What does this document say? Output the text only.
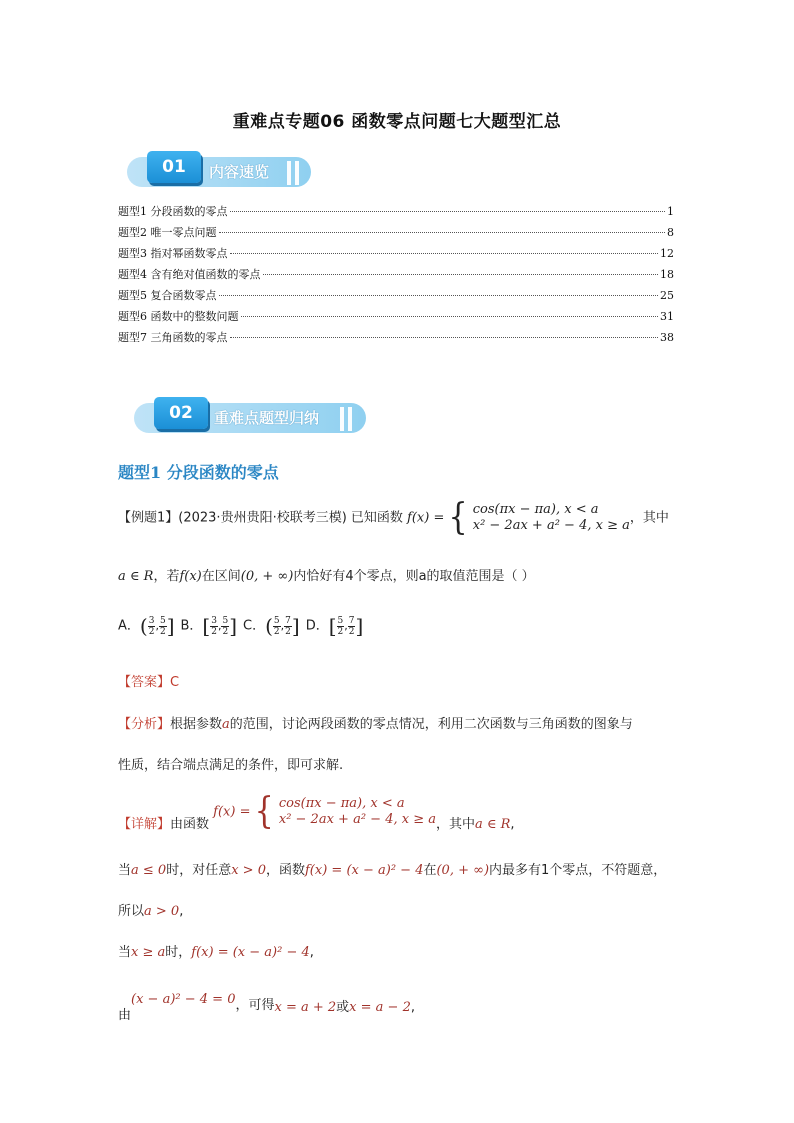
重难点专题06 函数零点问题七大题型汇总
01	内容速览
题型1 分段函数的零点	1
题型2 唯一零点问题	8
题型3 指对幂函数零点	12
题型4 含有绝对值函数的零点	18
题型5 复合函数零点	25
题型6 函数中的整数问题	31
题型7 三角函数的零点	38
02	重难点题型归纳
题型1 分段函数的零点
【例题1】(2023·贵州贵阳·校联考三模) 已知函数 f(x) = { cos(πx − πa), x < a
x² − 2ax + a² − 4, x ≥ a ，其中
a ∈ R，若f(x)在区间(0, + ∞)内恰好有4个零点，则a的取值范围是（ ）
A．( $\frac{3}{2}$ , $\frac{5}{2}$ ] B．[ $\frac{3}{2}$ , $\frac{5}{2}$ ] C．( $\frac{5}{2}$ , $\frac{7}{2}$ ] D．[ $\frac{5}{2}$ , $\frac{7}{2}$ ]
【答案】C
【分析】根据参数a的范围，讨论两段函数的零点情况，利用二次函数与三角函数的图象与
性质，结合端点满足的条件，即可求解.
【详解】由函数 f(x) = { cos(πx − πa), x < a
x² − 2ax + a² − 4, x ≥ a ，其中a ∈ R,
当a ≤ 0时，对任意x > 0，函数f(x) = (x − a)² − 4在(0, + ∞)内最多有1个零点，不符题意，
所以a > 0,
当x ≥ a时，f(x) = (x − a)² − 4,
由(x − a)² − 4 = 0，可得x = a + 2或x = a − 2,
